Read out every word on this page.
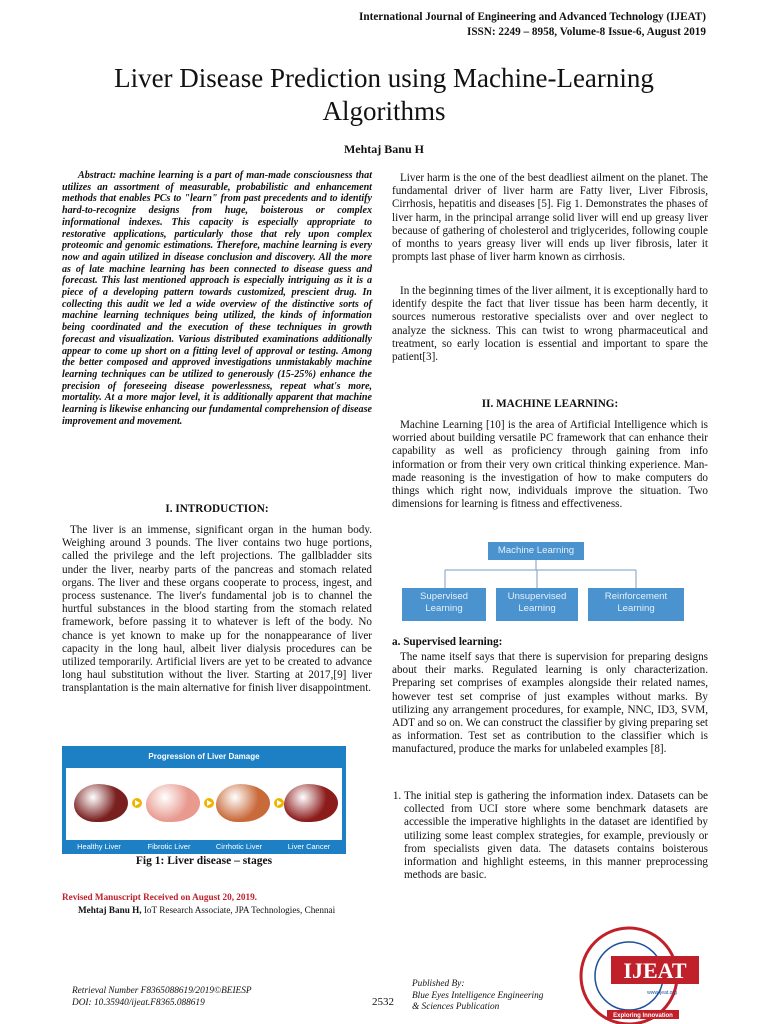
International Journal of Engineering and Advanced Technology (IJEAT)
ISSN: 2249 – 8958, Volume-8 Issue-6, August 2019
Liver Disease Prediction using Machine-Learning
Algorithms
Mehtaj Banu H
Abstract: machine learning is a part of man-made consciousness that utilizes an assortment of measurable, probabilistic and enhancement methods that enables PCs to "learn" from past precedents and to identify hard-to-recognize designs from huge, boisterous or complex informational indexes. This capacity is especially appropriate to restorative applications, particularly those that rely upon complex proteomic and genomic estimations. Therefore, machine learning is every now and again utilized in disease conclusion and discovery. All the more as of late machine learning has been connected to disease guess and forecast. This last mentioned approach is especially intriguing as it is a piece of a developing pattern towards customized, prescient drug. In collecting this audit we led a wide overview of the distinctive sorts of machine learning techniques being utilized, the kinds of information being coordinated and the execution of these techniques in growth forecast and visualization. Various distributed examinations additionally appear to come up short on a fitting level of approval or testing. Among the better composed and approved investigations unmistakably machine learning techniques can be utilized to generously (15-25%) enhance the precision of foreseeing disease powerlessness, repeat what's more, mortality. At a more major level, it is additionally apparent that machine learning is likewise enhancing our fundamental comprehension of disease improvement and movement.
I. INTRODUCTION:
The liver is an immense, significant organ in the human body. Weighing around 3 pounds. The liver contains two huge portions, called the privilege and the left projections. The gallbladder sits under the liver, nearby parts of the pancreas and stomach related organs. The liver and these organs cooperate to process, ingest, and process sustenance. The liver's fundamental job is to channel the hurtful substances in the blood starting from the stomach related framework, before passing it to whatever is left of the body. No chance is yet known to make up for the nonappearance of liver capacity in the long haul, albeit liver dialysis procedures can be utilized temporarily. Artificial livers are yet to be created to advance long haul substitution without the liver. Starting at 2017,[9] liver transplantation is the main alternative for finish liver disappointment.
Progression of Liver Damage
Healthy Liver	Fibrotic Liver	Cirrhotic Liver	Liver Cancer
Fig 1: Liver disease – stages
Revised Manuscript Received on August 20, 2019.
Mehtaj Banu H, IoT Research Associate, JPA Technologies, Chennai
Liver harm is the one of the best deadliest ailment on the planet. The fundamental driver of liver harm are Fatty liver, Liver Fibrosis, Cirrhosis, hepatitis and diseases [5]. Fig 1. Demonstrates the phases of liver harm, in the principal arrange solid liver will end up greasy liver because of gathering of cholesterol and triglycerides, following couple of months to years greasy liver will ends up liver fibrosis, later it prompts last phase of liver harm known as cirrhosis.
In the beginning times of the liver ailment, it is exceptionally hard to identify despite the fact that liver tissue has been harm decently, it sources numerous restorative specialists over and over neglect to analyze the sickness. This can twist to wrong pharmaceutical and treatment, so early location is essential and important to spare the patient[3].
II. MACHINE LEARNING:
Machine Learning [10] is the area of Artificial Intelligence which is worried about building versatile PC framework that can enhance their capability as well as proficiency through gaining from info information or from their very own critical thinking experience. Man-made reasoning is the investigation of how to make computers do things which right now, individuals improve the situation. Two dimensions for learning is fitness and effectiveness.
Machine Learning
Supervised
Learning
Unsupervised
Learning
Reinforcement
Learning
a. Supervised learning:
The name itself says that there is supervision for preparing designs about their marks. Regulated learning is only characterization. Preparing set comprises of examples alongside their related names, however test set comprise of just examples without marks. By utilizing any arrangement procedures, for example, NNC, ID3, SVM, ADT and so on. We can construct the classifier by giving preparing set as information. Test set as contribution to the classifier which is manufactured, produce the marks for unlabeled examples [8].
1. The initial step is gathering the information index. Datasets can be collected from UCI store where some benchmark datasets are accessible the imperative highlights in the dataset are identified by utilizing some least complex strategies, for example, previously or from specialists given data. The datasets contains boisterous information and highlight esteems, in this manner preprocessing methods are basic.
Retrieval Number F8365088619/2019©BEIESP
DOI: 10.35940/ijeat.F8365.088619	2532
Published By:
Blue Eyes Intelligence Engineering
& Sciences Publication
IJEAT
www.ijeat.org
Exploring Innovation
